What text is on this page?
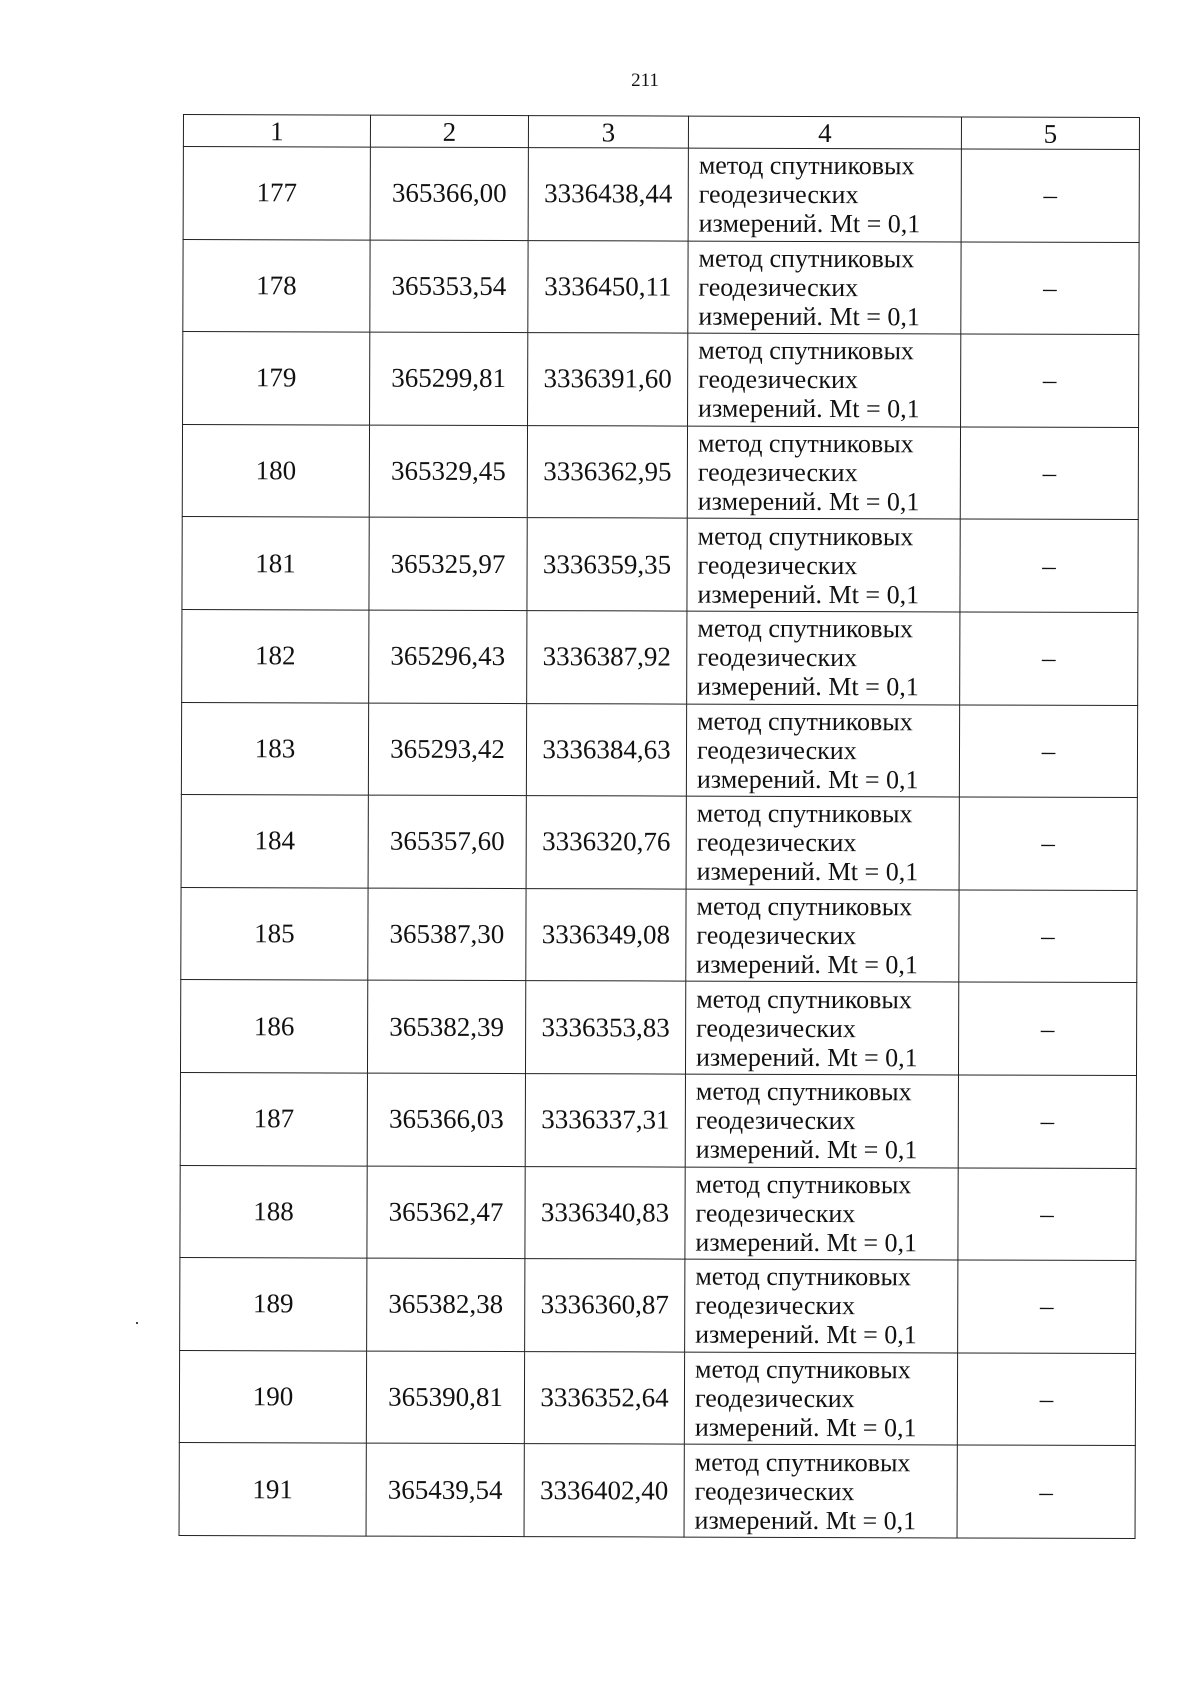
211
1	2	3	4	5
177	365366,00	3336438,44	метод спутниковых
геодезических
измерений. Mt = 0,1	–
178	365353,54	3336450,11	метод спутниковых
геодезических
измерений. Mt = 0,1	–
179	365299,81	3336391,60	метод спутниковых
геодезических
измерений. Mt = 0,1	–
180	365329,45	3336362,95	метод спутниковых
геодезических
измерений. Mt = 0,1	–
181	365325,97	3336359,35	метод спутниковых
геодезических
измерений. Mt = 0,1	–
182	365296,43	3336387,92	метод спутниковых
геодезических
измерений. Mt = 0,1	–
183	365293,42	3336384,63	метод спутниковых
геодезических
измерений. Mt = 0,1	–
184	365357,60	3336320,76	метод спутниковых
геодезических
измерений. Mt = 0,1	–
185	365387,30	3336349,08	метод спутниковых
геодезических
измерений. Mt = 0,1	–
186	365382,39	3336353,83	метод спутниковых
геодезических
измерений. Mt = 0,1	–
187	365366,03	3336337,31	метод спутниковых
геодезических
измерений. Mt = 0,1	–
188	365362,47	3336340,83	метод спутниковых
геодезических
измерений. Mt = 0,1	–
189	365382,38	3336360,87	метод спутниковых
геодезических
измерений. Mt = 0,1	–
190	365390,81	3336352,64	метод спутниковых
геодезических
измерений. Mt = 0,1	–
191	365439,54	3336402,40	метод спутниковых
геодезических
измерений. Mt = 0,1	–
